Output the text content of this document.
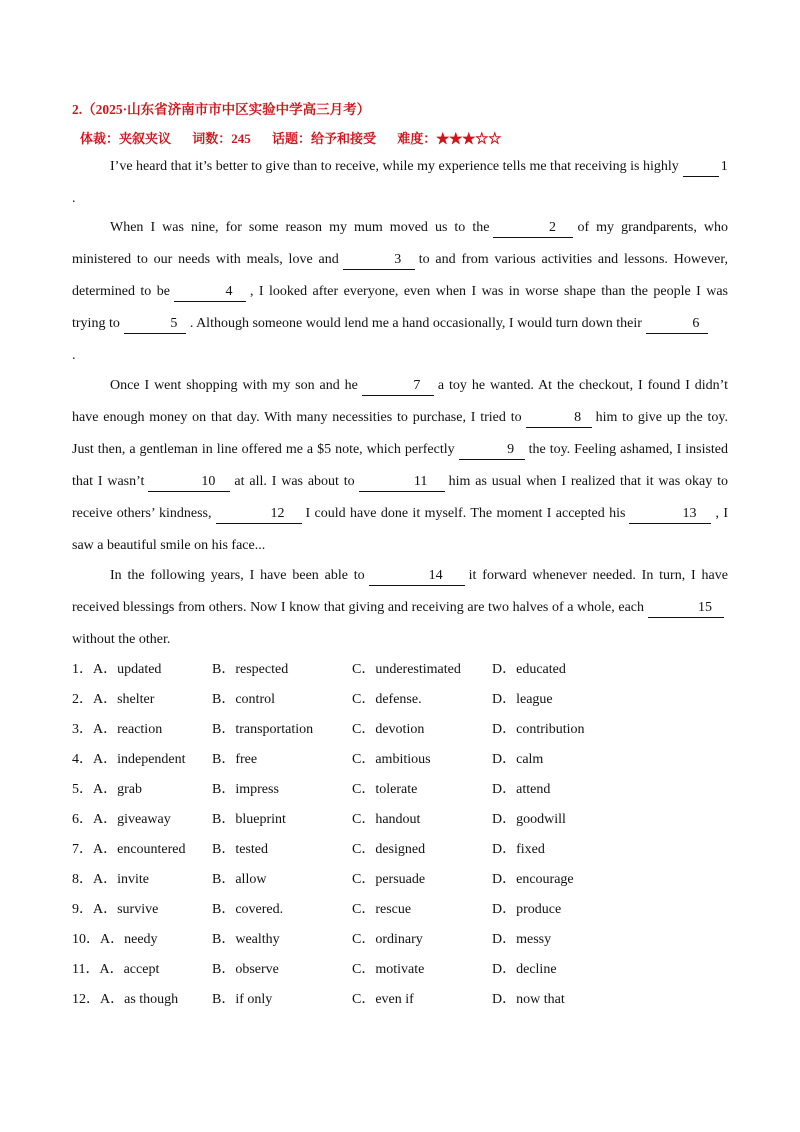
2.（2025·山东省济南市市中区实验中学高三月考）
体裁：夹叙夹议 词数：245 话题：给予和接受 难度：★★★☆☆
I’ve heard that it’s better to give than to receive, while my experience tells me that receiving is highly	1
.
When I was nine, for some reason my mum moved us to the	2 of my grandparents, who ministered to our needs with meals, love and	3 to and from various activities and lessons. However, determined to be	4 , I looked after everyone, even when I was in worse shape than the people I was trying to	5 . Although someone would lend me a hand occasionally, I would turn down their	6
.
Once I went shopping with my son and he	7 a toy he wanted. At the checkout, I found I didn’t have enough money on that day. With many necessities to purchase, I tried to	8 him to give up the toy. Just then, a gentleman in line offered me a $5 note, which perfectly	9 the toy. Feeling ashamed, I insisted that I wasn’t	10 at all. I was about to	11 him as usual when I realized that it was okay to receive others’ kindness,	12 I could have done it myself. The moment I accepted his	13 , I saw a beautiful smile on his face...
In the following years, I have been able to	14 it forward whenever needed. In turn, I have received blessings from others. Now I know that giving and receiving are two halves of a whole, each	15without the other.
1．A．updated	B．respected	C．underestimated D．educated
2．A．shelter	B．control	C．defense.	D．league
3．A．reaction	B．transportation	C．devotion	D．contribution
4．A．independent B．free	C．ambitious	D．calm
5．A．grab	B．impress	C．tolerate	D．attend
6．A．giveaway	B．blueprint	C．handout	D．goodwill
7．A．encountered B．tested	C．designed	D．fixed
8．A．invite	B．allow	C．persuade	D．encourage
9．A．survive	B．covered.	C．rescue	D．produce
10．A．needy	B．wealthy	C．ordinary	D．messy
11．A．accept	B．observe	C．motivate	D．decline
12．A．as though B．if only	C．even if	D．now that
